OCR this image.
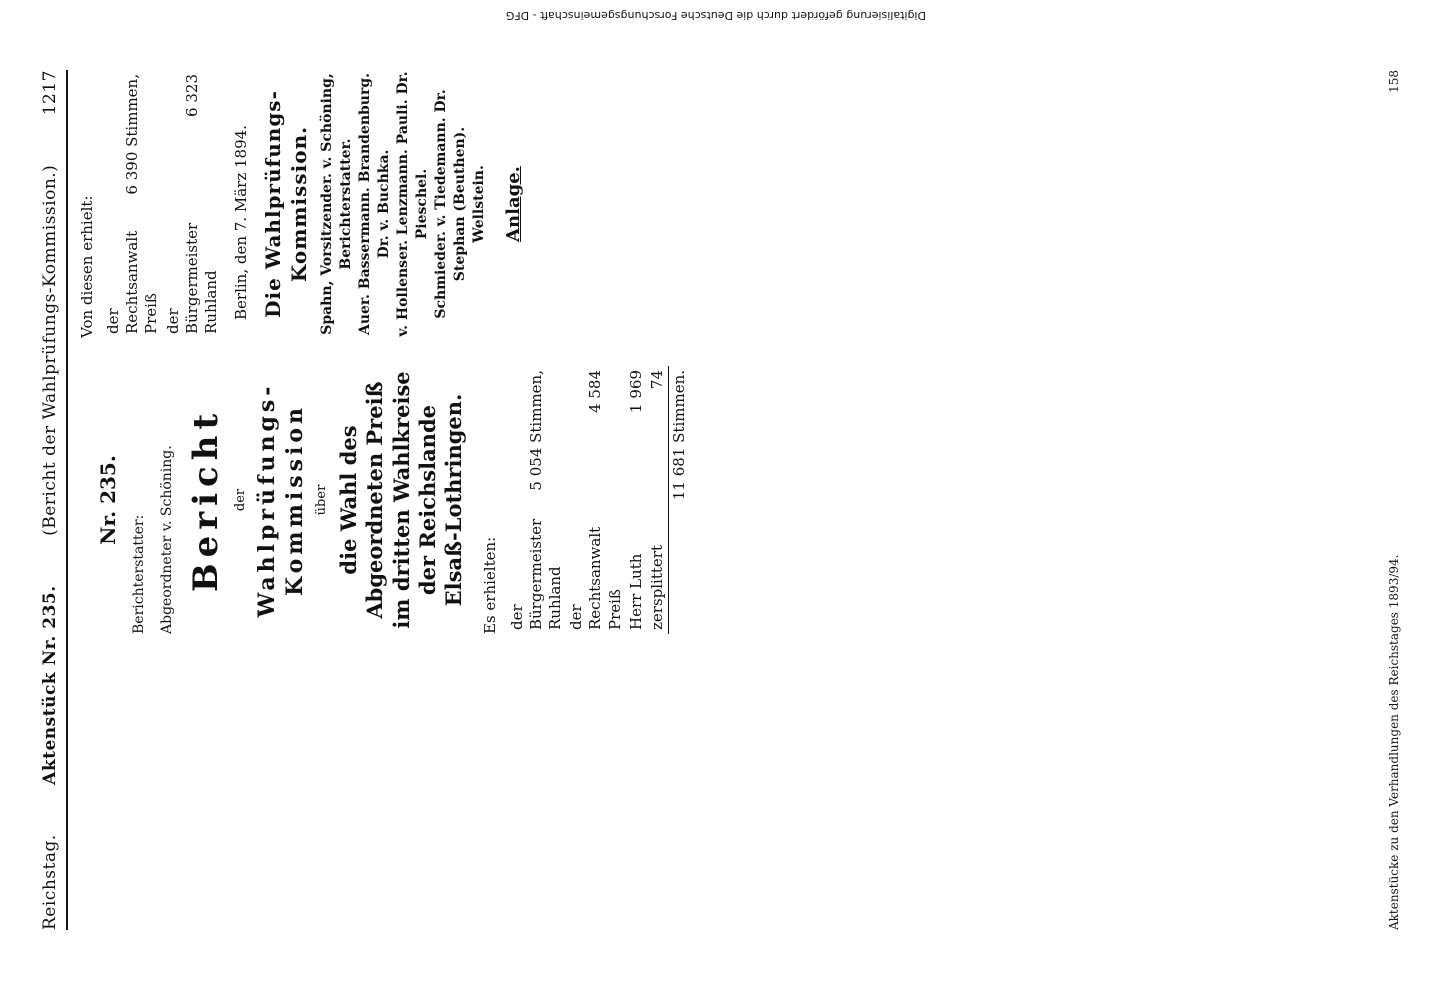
Reichstag.
Aktenstück Nr. 235.
(Bericht der Wahlprüfungs-Kommission.)
1217

Nr. 235.
Berichterstatter: Abgeordneter v. Schöning. Bericht der Wahlprüfungs-Kommission über die Wahl des Abgeordneten Preiß im dritten Wahlkreise der Reichslande Elsaß-Lothringen. Es erhielten: der Bürgermeister Ruhland	5 054 Stimmen,
der Rechtsanwalt Preiß	4 584
Herr Luth	1 969
zersplittert	74
	11 681 Stimmen.
Von diesen erhielt: der Rechtsanwalt Preiß	6 390 Stimmen,
der Bürgermeister Ruhland	6 323

Berlin, den 7. März 1894. Die Wahlprüfungs-Kommission. Spahn, Vorsitzender. v. Schöning, Berichterstatter. Auer. Bassermann. Brandenburg. Dr. v. Buchka. v. Hollenser. Lenzmann. Pauli. Dr. Pieschel. Schmieder. v. Tiedemann. Dr. Stephan (Beuthen). Wellstein. Anlage.
Aktenstücke zu den Verhandlungen des Reichstages 1893/94.
158
Digitalisierung gefördert durch die Deutsche Forschungsgemeinschaft - DFG
